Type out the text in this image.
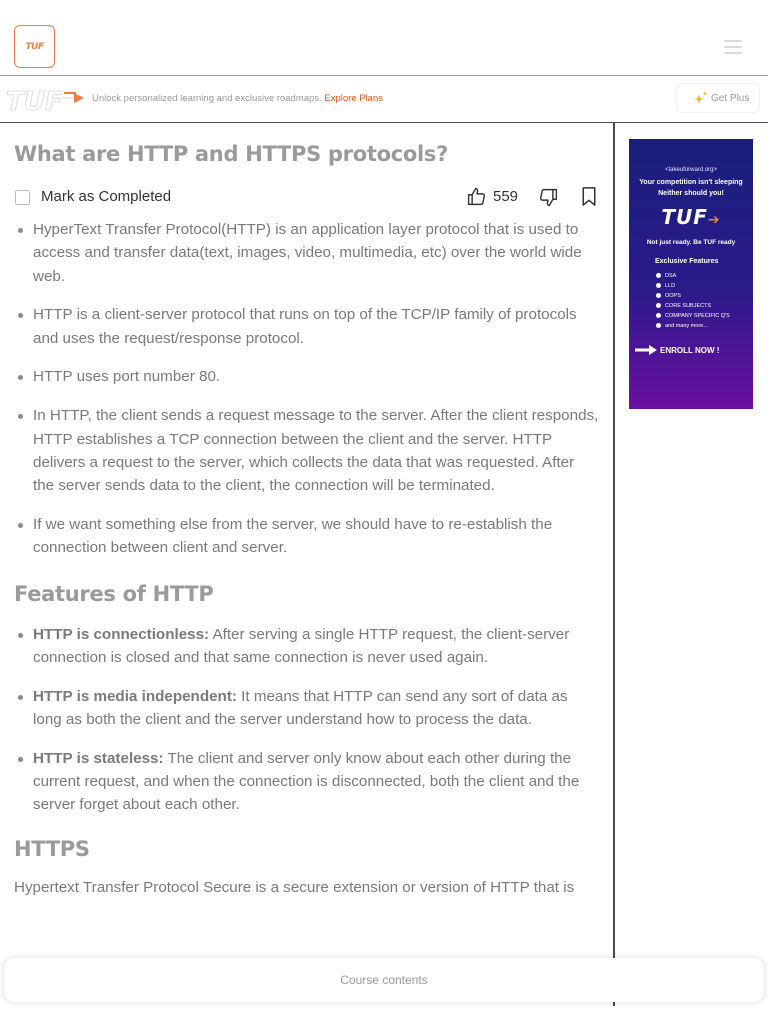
TUF
TUF	Unlock personalized learning and exclusive roadmaps. Explore Plans	Get Plus
What are HTTP and HTTPS protocols?
Mark as Completed	559
HyperText Transfer Protocol(HTTP) is an application layer protocol that is used to access and transfer data(text, images, video, multimedia, etc) over the world wide web.
HTTP is a client-server protocol that runs on top of the TCP/IP family of protocols and uses the request/response protocol.
HTTP uses port number 80.
In HTTP, the client sends a request message to the server. After the client responds, HTTP establishes a TCP connection between the client and the server. HTTP delivers a request to the server, which collects the data that was requested. After the server sends data to the client, the connection will be terminated.
If we want something else from the server, we should have to re-establish the connection between client and server.
Features of HTTP
HTTP is connectionless: After serving a single HTTP request, the client-server connection is closed and that same connection is never used again.
HTTP is media independent: It means that HTTP can send any sort of data as long as both the client and the server understand how to process the data.
HTTP is stateless: The client and server only know about each other during the current request, and when the connection is disconnected, both the client and the server forget about each other.
HTTPS

Hypertext Transfer Protocol Secure is a secure extension or version of HTTP that is

<takeuforward.org>
Your competition isn't sleeping
Neither should you!
TUF➔
Not just ready. Be TUF ready
Exclusive Features
DSA
LLD
OOPS
CORE SUBJECTS
COMPANY SPECIFIC Q'S
and many more...
ENROLL NOW !
Course contents
